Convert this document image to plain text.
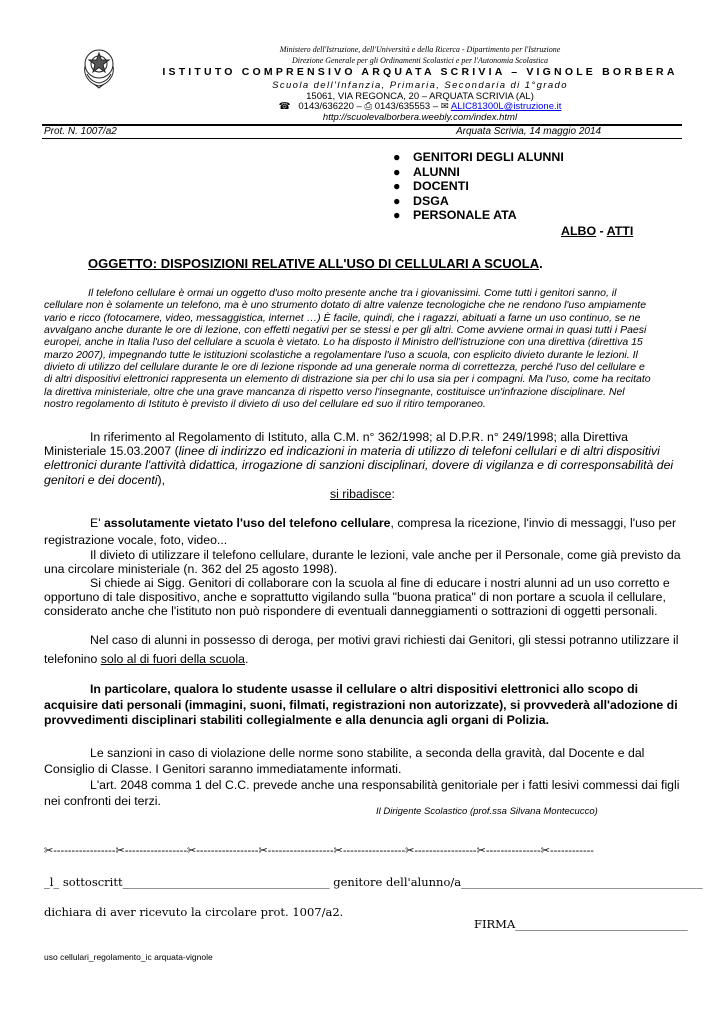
Ministero dell'Istruzione, dell'Università e della Ricerca - Dipartimento per l'Istruzione
Direzione Generale per gli Ordinamenti Scolastici e per l'Autonomia Scolastica
ISTITUTO COMPRENSIVO ARQUATA SCRIVIA – VIGNOLE BORBERA
Scuola dell'Infanzia, Primaria, Secondaria di 1°grado
15061, VIA REGONCA, 20 – ARQUATA SCRIVIA (AL)
☎ 0143/636220 – ⎙ 0143/635553 – ✉ ALIC81300L@istruzione.it
http://scuolevalborbera.weebly.com/index.html
Prot. N. 1007/a2	Arquata Scrivia, 14 maggio 2014
● GENITORI DEGLI ALUNNI
● ALUNNI
● DOCENTI
● DSGA
● PERSONALE ATA
ALBO - ATTI
OGGETTO: DISPOSIZIONI RELATIVE ALL'USO DI CELLULARI A SCUOLA.
Il telefono cellulare è ormai un oggetto d'uso molto presente anche tra i giovanissimi. Come tutti i genitori sanno, il
cellulare non è solamente un telefono, ma è uno strumento dotato di altre valenze tecnologiche che ne rendono l'uso ampiamente
vario e ricco (fotocamere, video, messaggistica, internet …) È facile, quindi, che i ragazzi, abituati a farne un uso continuo, se ne
avvalgano anche durante le ore di lezione, con effetti negativi per se stessi e per gli altri. Come avviene ormai in quasi tutti i Paesi
europei, anche in Italia l'uso del cellulare a scuola è vietato. Lo ha disposto il Ministro dell'istruzione con una direttiva (direttiva 15
marzo 2007), impegnando tutte le istituzioni scolastiche a regolamentare l'uso a scuola, con esplicito divieto durante le lezioni. Il
divieto di utilizzo del cellulare durante le ore di lezione risponde ad una generale norma di correttezza, perché l'uso del cellulare e
di altri dispositivi elettronici rappresenta un elemento di distrazione sia per chi lo usa sia per i compagni. Ma l'uso, come ha recitato
la direttiva ministeriale, oltre che una grave mancanza di rispetto verso l'insegnante, costituisce un'infrazione disciplinare. Nel
nostro regolamento di Istituto è previsto il divieto di uso del cellulare ed suo il ritiro temporaneo.
In riferimento al Regolamento di Istituto, alla C.M. n° 362/1998; al D.P.R. n° 249/1998; alla Direttiva
Ministeriale 15.03.2007 (linee di indirizzo ed indicazioni in materia di utilizzo di telefoni cellulari e di altri dispositivi
elettronici durante l'attività didattica, irrogazione di sanzioni disciplinari, dovere di vigilanza e di corresponsabilità dei
genitori e dei docenti),
si ribadisce:
E' assolutamente vietato l'uso del telefono cellulare, compresa la ricezione, l'invio di messaggi, l'uso per
registrazione vocale, foto, video...
Il divieto di utilizzare il telefono cellulare, durante le lezioni, vale anche per il Personale, come già previsto da
una circolare ministeriale (n. 362 del 25 agosto 1998).
Si chiede ai Sigg. Genitori di collaborare con la scuola al fine di educare i nostri alunni ad un uso corretto e
opportuno di tale dispositivo, anche e soprattutto vigilando sulla "buona pratica" di non portare a scuola il cellulare,
considerato anche che l'istituto non può rispondere di eventuali danneggiamenti o sottrazioni di oggetti personali.
Nel caso di alunni in possesso di deroga, per motivi gravi richiesti dai Genitori, gli stessi potranno utilizzare il
telefonino solo al di fuori della scuola.
In particolare, qualora lo studente usasse il cellulare o altri dispositivi elettronici allo scopo di
acquisire dati personali (immagini, suoni, filmati, registrazioni non autorizzate), si provvederà all'adozione di
provvedimenti disciplinari stabiliti collegialmente e alla denuncia agli organi di Polizia.
Le sanzioni in caso di violazione delle norme sono stabilite, a seconda della gravità, dal Docente e dal
Consiglio di Classe. I Genitori saranno immediatamente informati.
L'art. 2048 comma 1 del C.C. prevede anche una responsabilità genitoriale per i fatti lesivi commessi dai figli
nei confronti dei terzi.
Il Dirigente Scolastico (prof.ssa Silvana Montecucco)
✂-----------------✂-----------------✂-----------------✂------------------✂-----------------✂-----------------✂---------------✂------------
_l_ sottoscritt____________________________________ genitore dell'alunno/a__________________________________________
dichiara di aver ricevuto la circolare prot. 1007/a2.
FIRMA______________________________
uso cellulari_regolamento_ic arquata-vignole
